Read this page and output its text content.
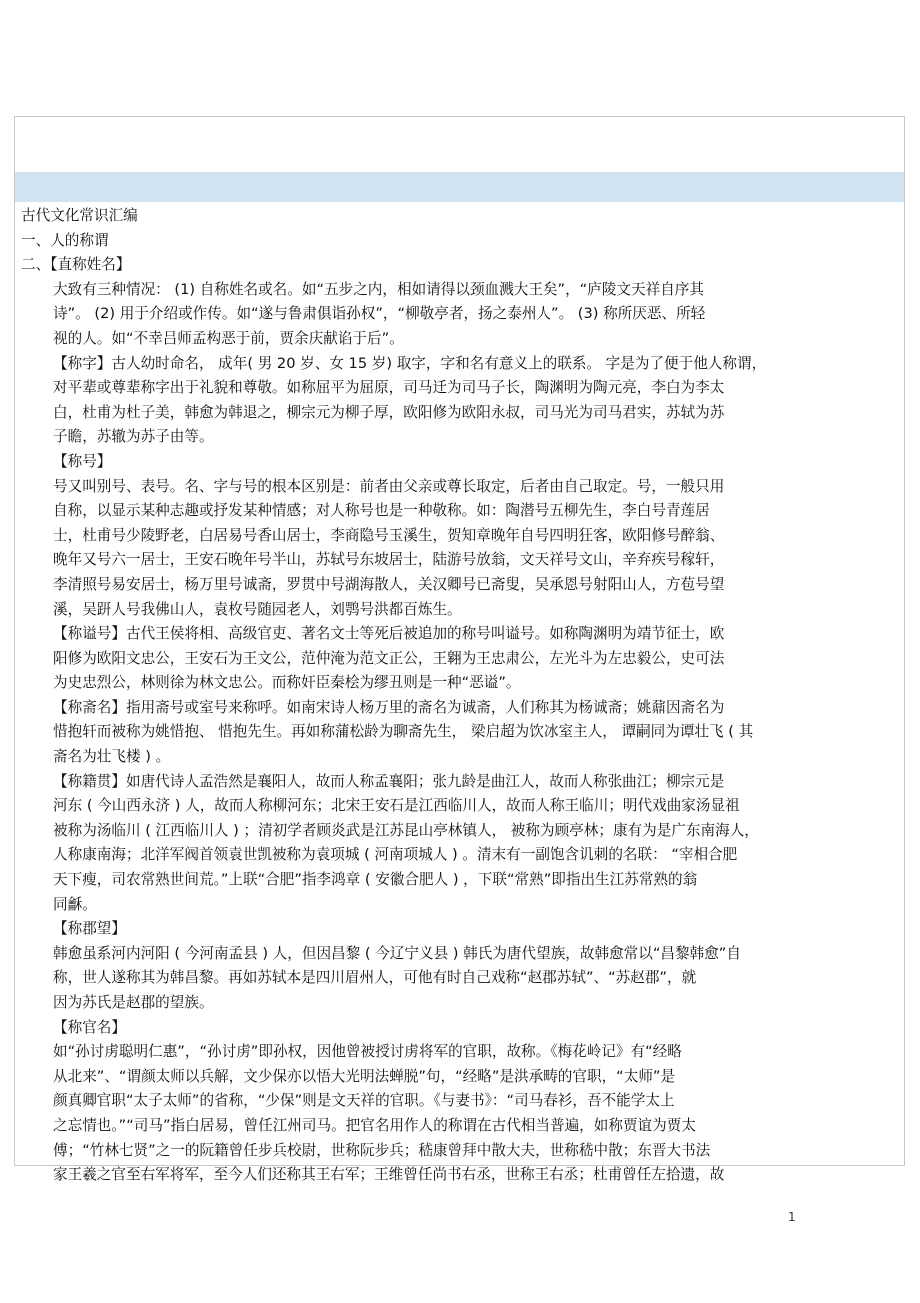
古代文化常识汇编
一、人的称谓
二、【直称姓名】
大致有三种情况： (1) 自称姓名或名。如“五步之内，相如请得以颈血溅大王矣”，“庐陵文天祥自序其
诗”。 (2) 用于介绍或作传。如“遂与鲁肃俱诣孙权”，“柳敬亭者，扬之泰州人”。 (3) 称所厌恶、所轻
视的人。如“不幸吕师孟构恶于前，贾余庆献谄于后”。
【称字】古人幼时命名， 成年( 男 20 岁、女 15 岁) 取字，字和名有意义上的联系。 字是为了便于他人称谓，
对平辈或尊辈称字出于礼貌和尊敬。如称屈平为屈原，司马迁为司马子长，陶渊明为陶元亮，李白为李太
白，杜甫为杜子美，韩愈为韩退之，柳宗元为柳子厚，欧阳修为欧阳永叔，司马光为司马君实，苏轼为苏
子瞻，苏辙为苏子由等。
【称号】
号又叫别号、表号。名、字与号的根本区别是：前者由父亲或尊长取定，后者由自己取定。号，一般只用
自称，以显示某种志趣或抒发某种情感；对人称号也是一种敬称。如：陶潜号五柳先生，李白号青莲居
士，杜甫号少陵野老，白居易号香山居士，李商隐号玉溪生，贺知章晚年自号四明狂客，欧阳修号醉翁、
晚年又号六一居士，王安石晚年号半山，苏轼号东坡居士，陆游号放翁，文天祥号文山，辛弃疾号稼轩，
李清照号易安居士，杨万里号诚斋，罗贯中号湖海散人，关汉卿号已斋叟，吴承恩号射阳山人，方苞号望
溪，吴趼人号我佛山人，袁枚号随园老人，刘鹗号洪都百炼生。
【称谥号】古代王侯将相、高级官吏、著名文士等死后被追加的称号叫谥号。如称陶渊明为靖节征士，欧
阳修为欧阳文忠公，王安石为王文公，范仲淹为范文正公，王翱为王忠肃公，左光斗为左忠毅公，史可法
为史忠烈公，林则徐为林文忠公。而称奸臣秦桧为缪丑则是一种“恶谥”。
【称斋名】指用斋号或室号来称呼。如南宋诗人杨万里的斋名为诚斋，人们称其为杨诚斋；姚鼐因斋名为
惜抱轩而被称为姚惜抱、 惜抱先生。再如称蒲松龄为聊斋先生， 梁启超为饮冰室主人， 谭嗣同为谭壮飞 ( 其
斋名为壮飞楼 ) 。
【称籍贯】如唐代诗人孟浩然是襄阳人，故而人称孟襄阳；张九龄是曲江人，故而人称张曲江；柳宗元是
河东 ( 今山西永济 ) 人，故而人称柳河东；北宋王安石是江西临川人，故而人称王临川；明代戏曲家汤显祖
被称为汤临川 ( 江西临川人 ) ；清初学者顾炎武是江苏昆山亭林镇人， 被称为顾亭林；康有为是广东南海人，
人称康南海；北洋军阀首领袁世凯被称为袁项城 ( 河南项城人 ) 。清末有一副饱含讥刺的名联： “宰相合肥
天下瘦，司农常熟世间荒。”上联“合肥”指李鸿章 ( 安徽合肥人 ) ，下联“常熟”即指出生江苏常熟的翁
同龢。
【称郡望】
韩愈虽系河内河阳 ( 今河南孟县 ) 人，但因昌黎 ( 今辽宁义县 ) 韩氏为唐代望族，故韩愈常以“昌黎韩愈”自
称，世人遂称其为韩昌黎。再如苏轼本是四川眉州人，可他有时自己戏称“赵郡苏轼”、“苏赵郡”，就
因为苏氏是赵郡的望族。
【称官名】
如“孙讨虏聪明仁惠”，“孙讨虏”即孙权，因他曾被授讨虏将军的官职，故称。《梅花岭记》有“经略
从北来”、“谓颜太师以兵解，文少保亦以悟大光明法蝉脱”句，“经略”是洪承畴的官职，“太师”是
颜真卿官职“太子太师”的省称，“少保”则是文天祥的官职。《与妻书》：“司马春衫，吾不能学太上
之忘情也。”“司马”指白居易，曾任江州司马。把官名用作人的称谓在古代相当普遍，如称贾谊为贾太
傅；“竹林七贤”之一的阮籍曾任步兵校尉，世称阮步兵；嵇康曾拜中散大夫，世称嵇中散；东晋大书法
家王羲之官至右军将军，至今人们还称其王右军；王维曾任尚书右丞，世称王右丞；杜甫曾任左拾遗，故
1
